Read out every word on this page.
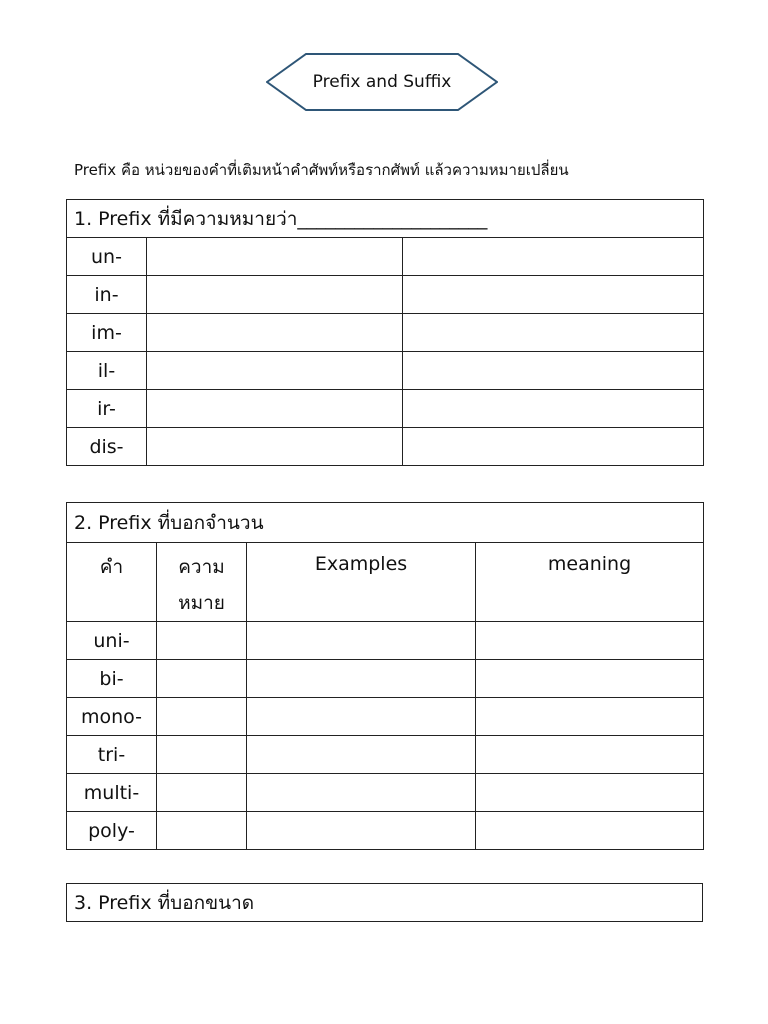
Prefix and Suffix
Prefix คือ หน่วยของคำที่เติมหน้าคำศัพท์หรือรากศัพท์ แล้วความหมายเปลี่ยน
1. Prefix ที่มีความหมายว่า____________________		
un-		
in-		
im-		
il-		
ir-		
dis-		
2. Prefix ที่บอกจำนวน			
คำ	ความหมาย	Examples	meaning
uni-			
bi-			
mono-			
tri-			
multi-			
poly-			
3. Prefix ที่บอกขนาด
